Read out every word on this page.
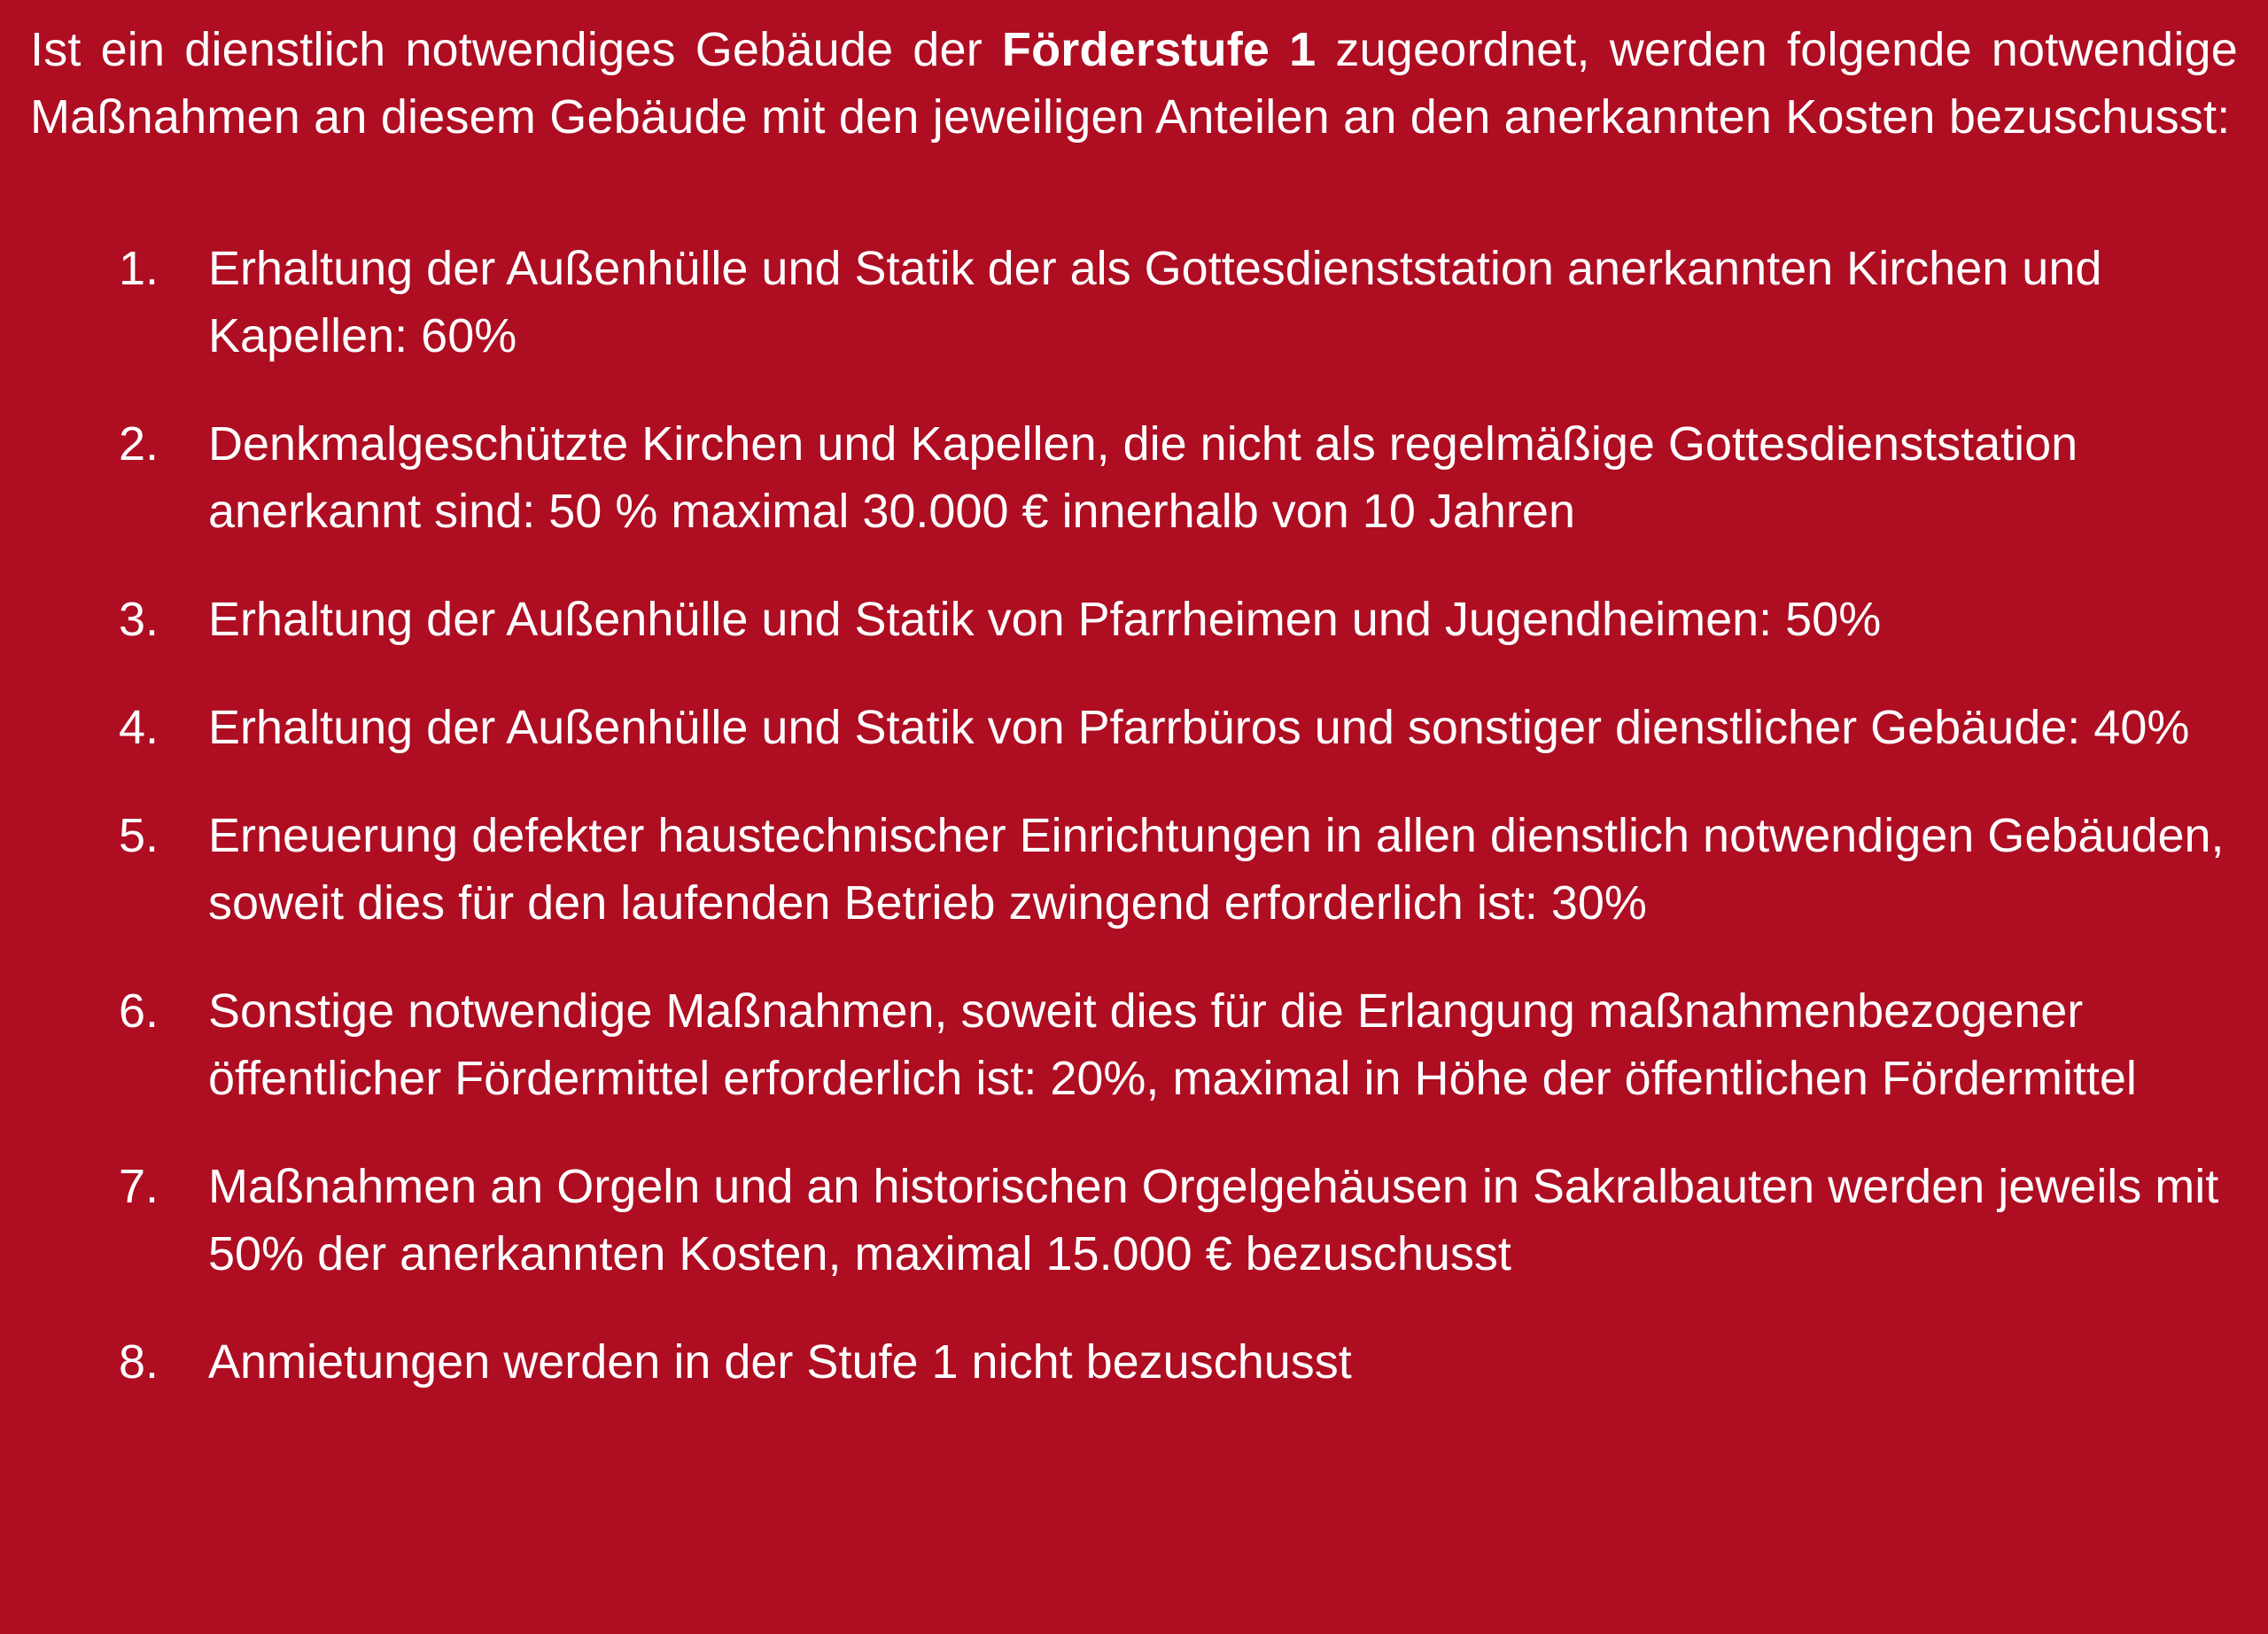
Ist ein dienstlich notwendiges Gebäude der Förderstufe 1 zugeordnet, werden folgende notwendige Maßnahmen an diesem Gebäude mit den jeweiligen Anteilen an den anerkannten Kosten bezuschusst:

1. Erhaltung der Außenhülle und Statik der als Gottesdienststation anerkannten Kirchen und Kapellen: 60%
2. Denkmalgeschützte Kirchen und Kapellen, die nicht als regelmäßige Gottesdienststation anerkannt sind: 50 % maximal 30.000 € innerhalb von 10 Jahren
3. Erhaltung der Außenhülle und Statik von Pfarrheimen und Jugendheimen: 50%
4. Erhaltung der Außenhülle und Statik von Pfarrbüros und sonstiger dienstlicher Gebäude: 40%
5. Erneuerung defekter haustechnischer Einrichtungen in allen dienstlich notwendigen Gebäuden, soweit dies für den laufenden Betrieb zwingend erforderlich ist: 30%
6. Sonstige notwendige Maßnahmen, soweit dies für die Erlangung maßnahmenbezogener öffentlicher Fördermittel erforderlich ist: 20%, maximal in Höhe der öffentlichen Fördermittel
7. Maßnahmen an Orgeln und an historischen Orgelgehäusen in Sakralbauten werden jeweils mit 50% der anerkannten Kosten, maximal 15.000 € bezuschusst
8. Anmietungen werden in der Stufe 1 nicht bezuschusst
